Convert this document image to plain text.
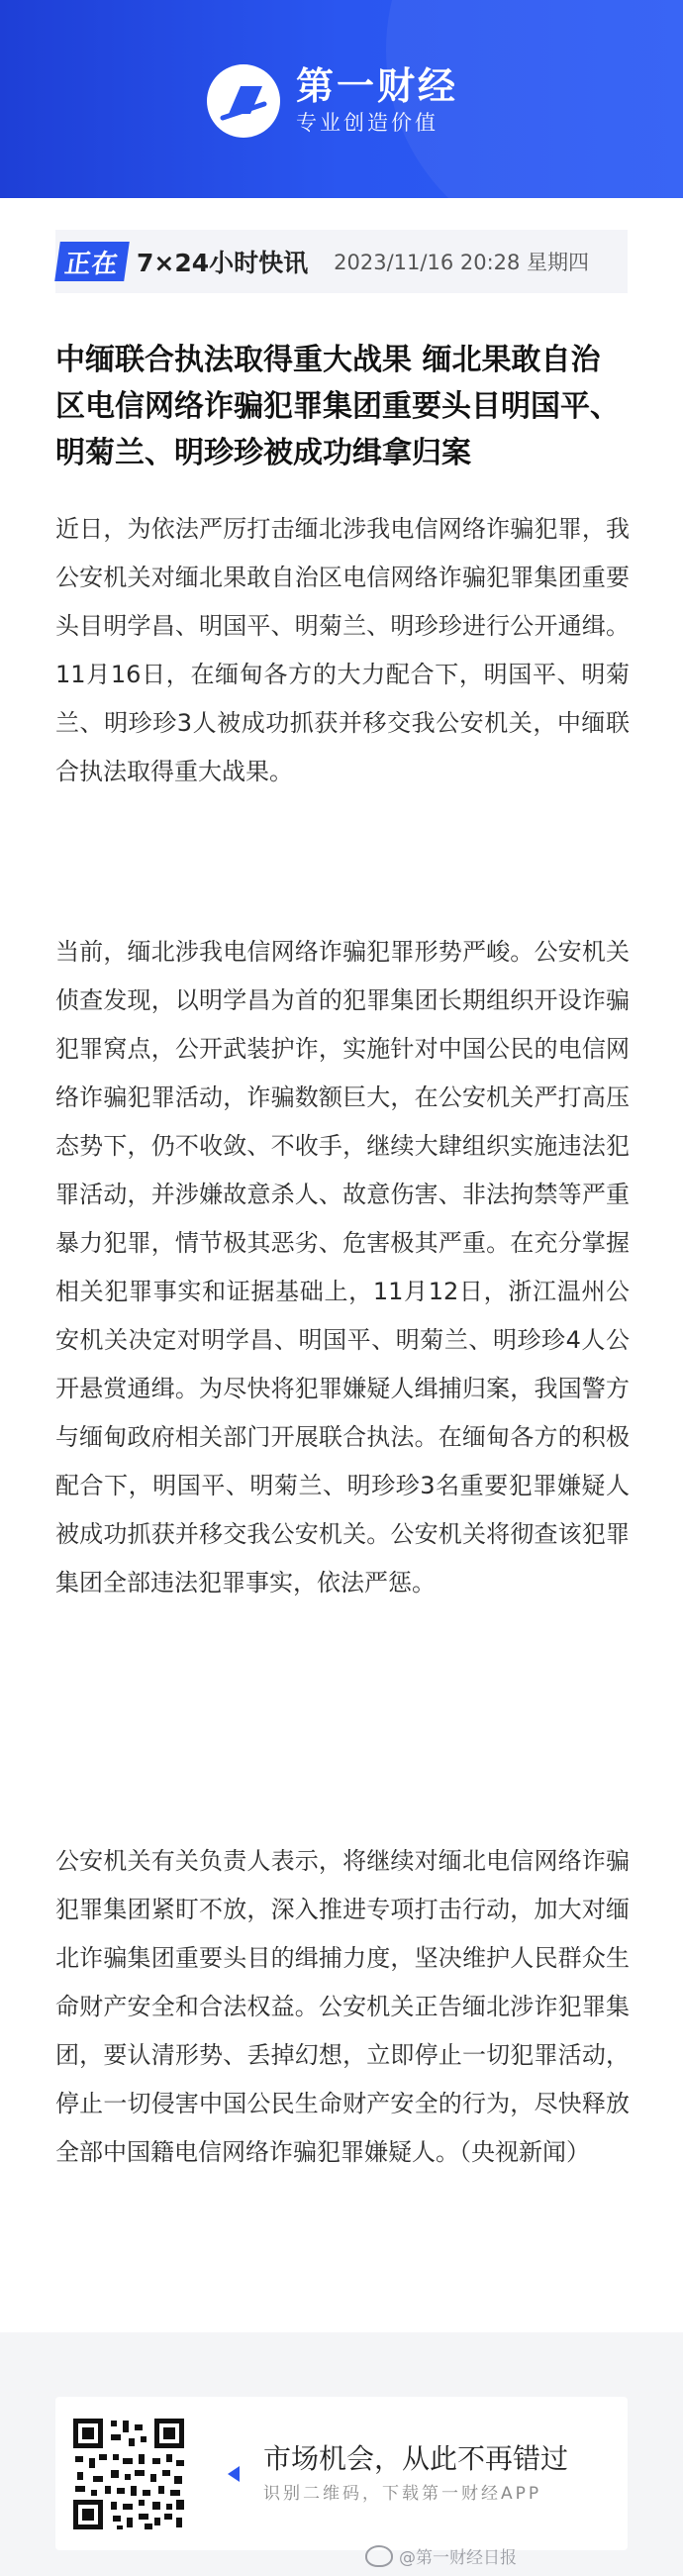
第一财经
专业创造价值
正在 7×24小时快讯 2023/11/16 20:28 星期四
中缅联合执法取得重大战果 缅北果敢自治区电信网络诈骗犯罪集团重要头目明国平、明菊兰、明珍珍被成功缉拿归案

近日，为依法严厉打击缅北涉我电信网络诈骗犯罪，我公安机关对缅北果敢自治区电信网络诈骗犯罪集团重要头目明学昌、明国平、明菊兰、明珍珍进行公开通缉。11月16日，在缅甸各方的大力配合下，明国平、明菊兰、明珍珍3人被成功抓获并移交我公安机关，中缅联合执法取得重大战果。

当前，缅北涉我电信网络诈骗犯罪形势严峻。公安机关侦查发现，以明学昌为首的犯罪集团长期组织开设诈骗犯罪窝点，公开武装护诈，实施针对中国公民的电信网络诈骗犯罪活动，诈骗数额巨大，在公安机关严打高压态势下，仍不收敛、不收手，继续大肆组织实施违法犯罪活动，并涉嫌故意杀人、故意伤害、非法拘禁等严重暴力犯罪，情节极其恶劣、危害极其严重。在充分掌握相关犯罪事实和证据基础上，11月12日，浙江温州公安机关决定对明学昌、明国平、明菊兰、明珍珍4人公开悬赏通缉。为尽快将犯罪嫌疑人缉捕归案，我国警方与缅甸政府相关部门开展联合执法。在缅甸各方的积极配合下，明国平、明菊兰、明珍珍3名重要犯罪嫌疑人被成功抓获并移交我公安机关。公安机关将彻查该犯罪集团全部违法犯罪事实，依法严惩。

公安机关有关负责人表示，将继续对缅北电信网络诈骗犯罪集团紧盯不放，深入推进专项打击行动，加大对缅北诈骗集团重要头目的缉捕力度，坚决维护人民群众生命财产安全和合法权益。公安机关正告缅北涉诈犯罪集团，要认清形势、丢掉幻想，立即停止一切犯罪活动，停止一切侵害中国公民生命财产安全的行为，尽快释放全部中国籍电信网络诈骗犯罪嫌疑人。（央视新闻）

市场机会，从此不再错过
识别二维码，下载第一财经APP
@第一财经日报
